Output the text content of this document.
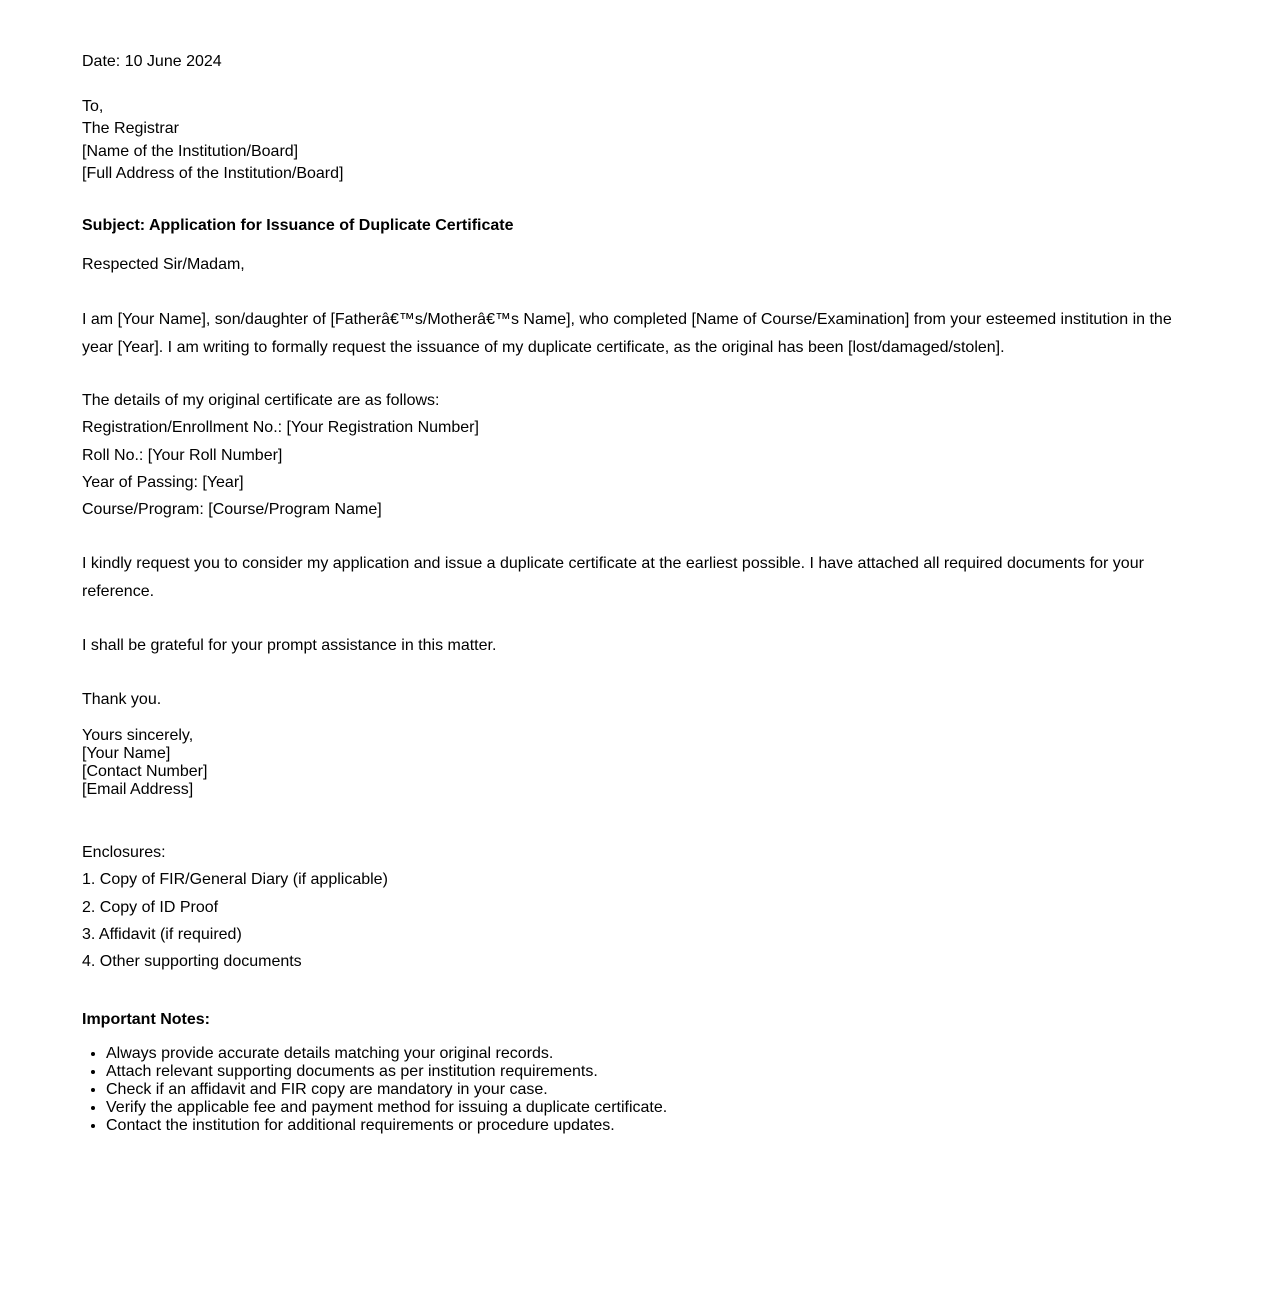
Date: 10 June 2024
To,
The Registrar
[Name of the Institution/Board]
[Full Address of the Institution/Board]
Subject: Application for Issuance of Duplicate Certificate
Respected Sir/Madam,
I am [Your Name], son/daughter of [Fatherâ€™s/Motherâ€™s Name], who completed [Name of Course/Examination] from your esteemed institution in the year [Year]. I am writing to formally request the issuance of my duplicate certificate, as the original has been [lost/damaged/stolen].
The details of my original certificate are as follows:
Registration/Enrollment No.: [Your Registration Number]
Roll No.: [Your Roll Number]
Year of Passing: [Year]
Course/Program: [Course/Program Name]
I kindly request you to consider my application and issue a duplicate certificate at the earliest possible. I have attached all required documents for your reference.
I shall be grateful for your prompt assistance in this matter.
Thank you.
Yours sincerely,
[Your Name]
[Contact Number]
[Email Address]
Enclosures:
1. Copy of FIR/General Diary (if applicable)
2. Copy of ID Proof
3. Affidavit (if required)
4. Other supporting documents
Important Notes:
• Always provide accurate details matching your original records.
• Attach relevant supporting documents as per institution requirements.
• Check if an affidavit and FIR copy are mandatory in your case.
• Verify the applicable fee and payment method for issuing a duplicate certificate.
• Contact the institution for additional requirements or procedure updates.
